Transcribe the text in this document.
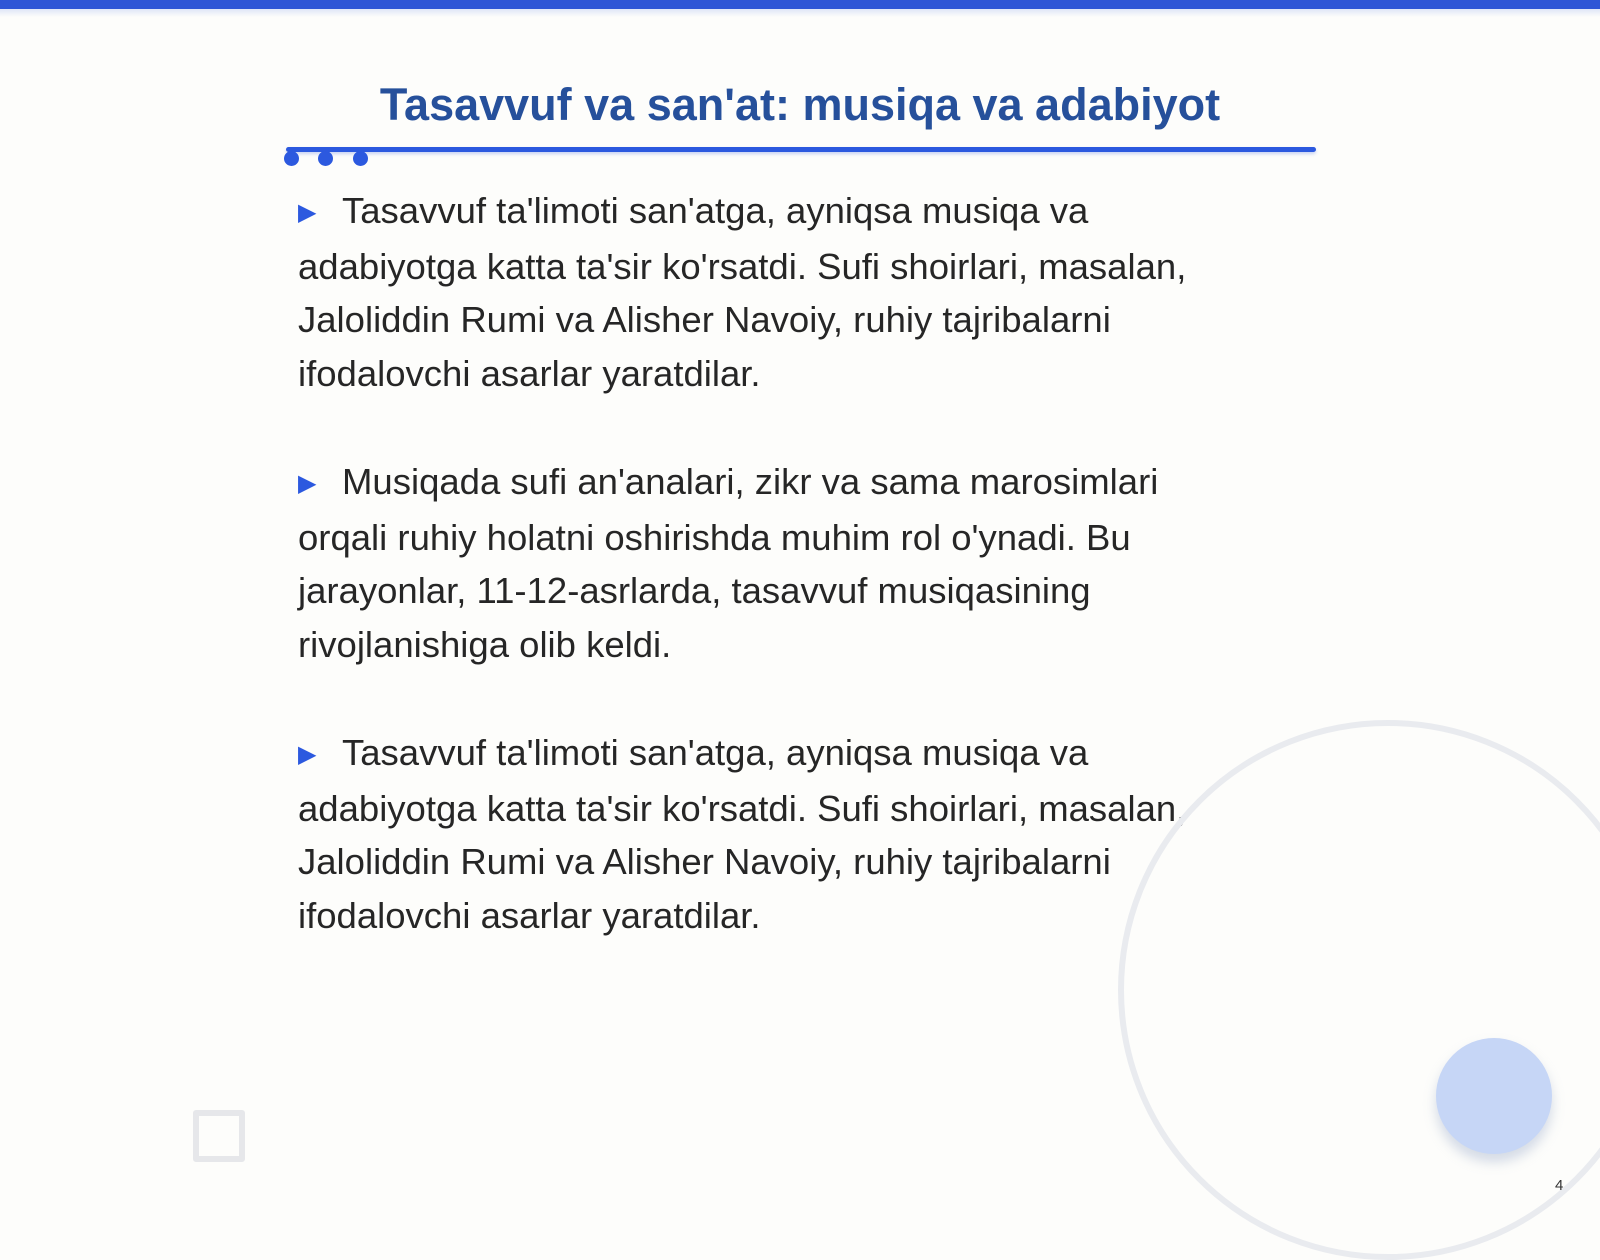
Tasavvuf va san'at: musiqa va adabiyot
▶ Tasavvuf ta'limoti san'atga, ayniqsa musiqa va
adabiyotga katta ta'sir ko'rsatdi. Sufi shoirlari, masalan,
Jaloliddin Rumi va Alisher Navoiy, ruhiy tajribalarni
ifodalovchi asarlar yaratdilar.
▶ Musiqada sufi an'analari, zikr va sama marosimlari
orqali ruhiy holatni oshirishda muhim rol o'ynadi. Bu
jarayonlar, 11-12-asrlarda, tasavvuf musiqasining
rivojlanishiga olib keldi.
▶ Tasavvuf ta'limoti san'atga, ayniqsa musiqa va
adabiyotga katta ta'sir ko'rsatdi. Sufi shoirlari, masalan,
Jaloliddin Rumi va Alisher Navoiy, ruhiy tajribalarni
ifodalovchi asarlar yaratdilar.
4
